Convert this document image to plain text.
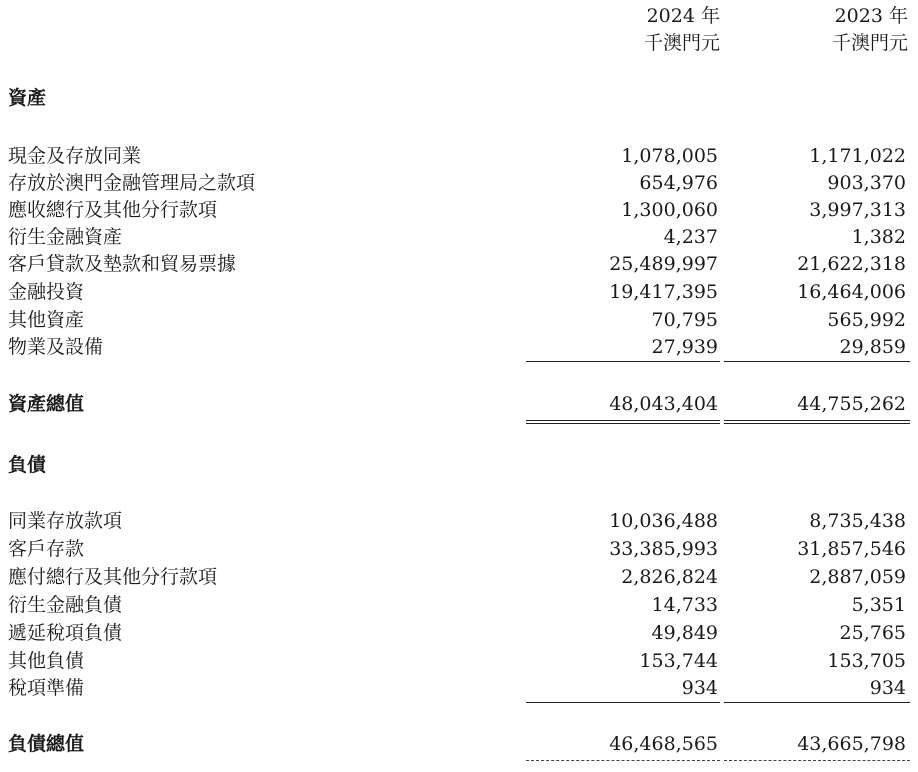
2024 年
千澳門元
2023 年
千澳門元
資產
現金及存放同業	1,078,005	1,171,022
存放於澳門金融管理局之款項	654,976	903,370
應收總行及其他分行款項	1,300,060	3,997,313
衍生金融資產	4,237	1,382
客戶貸款及墊款和貿易票據	25,489,997	21,622,318
金融投資	19,417,395	16,464,006
其他資產	70,795	565,992
物業及設備	27,939	29,859
資產總值	48,043,404	44,755,262
負債
同業存放款項	10,036,488	8,735,438
客戶存款	33,385,993	31,857,546
應付總行及其他分行款項	2,826,824	2,887,059
衍生金融負債	14,733	5,351
遞延稅項負債	49,849	25,765
其他負債	153,744	153,705
稅項準備	934	934
負債總值	46,468,565	43,665,798
